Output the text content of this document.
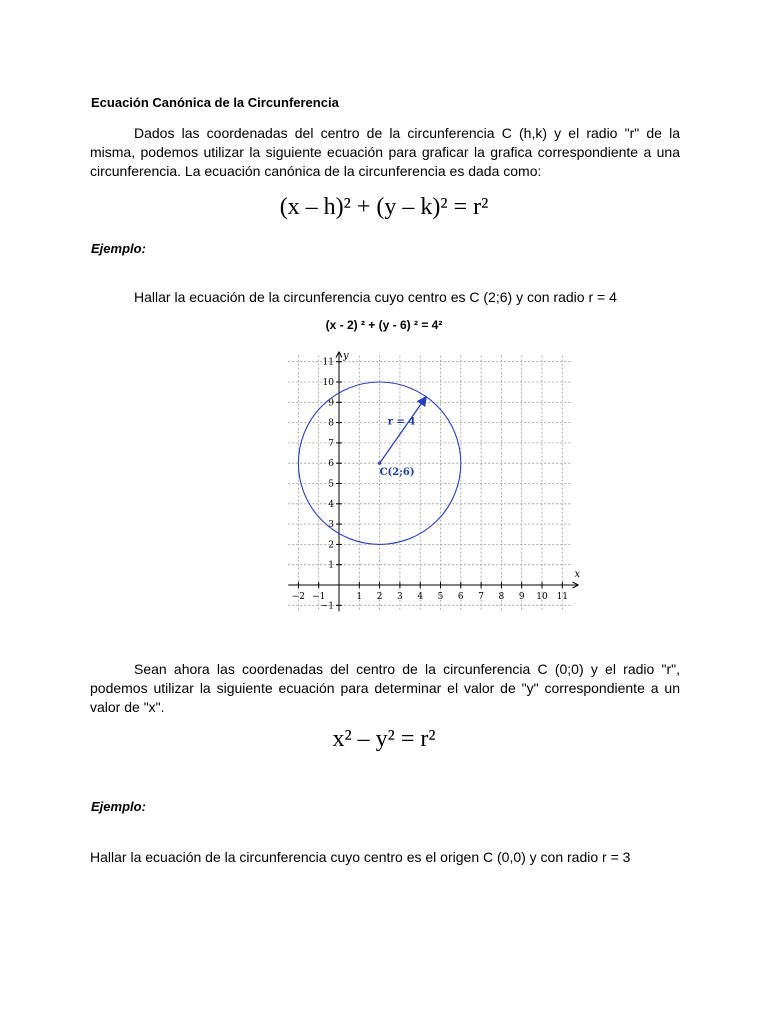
Ecuación Canónica de la Circunferencia
Dados las coordenadas del centro de la circunferencia C (h,k) y el radio "r" de la misma, podemos utilizar la siguiente ecuación para graficar la grafica correspondiente a una circunferencia. La ecuación canónica de la circunferencia es dada como:
(x – h)² + (y – k)² = r²
Ejemplo:
Hallar la ecuación de la circunferencia cuyo centro es C (2;6) y con radio r = 4
(x - 2) ² + (y - 6) ² = 4²
−2 −1	1 2 3 4 5 6 7 8 9 10 11
−1
1
2
3
4
5
6
7
8
9
10
11
x
y
C(2;6)
r = 4
Sean ahora las coordenadas del centro de la circunferencia C (0;0) y el radio "r", podemos utilizar la siguiente ecuación para determinar el valor de "y" correspondiente a un valor de "x".
x² – y² = r²
Ejemplo:
Hallar la ecuación de la circunferencia cuyo centro es el origen C (0,0) y con radio r = 3
